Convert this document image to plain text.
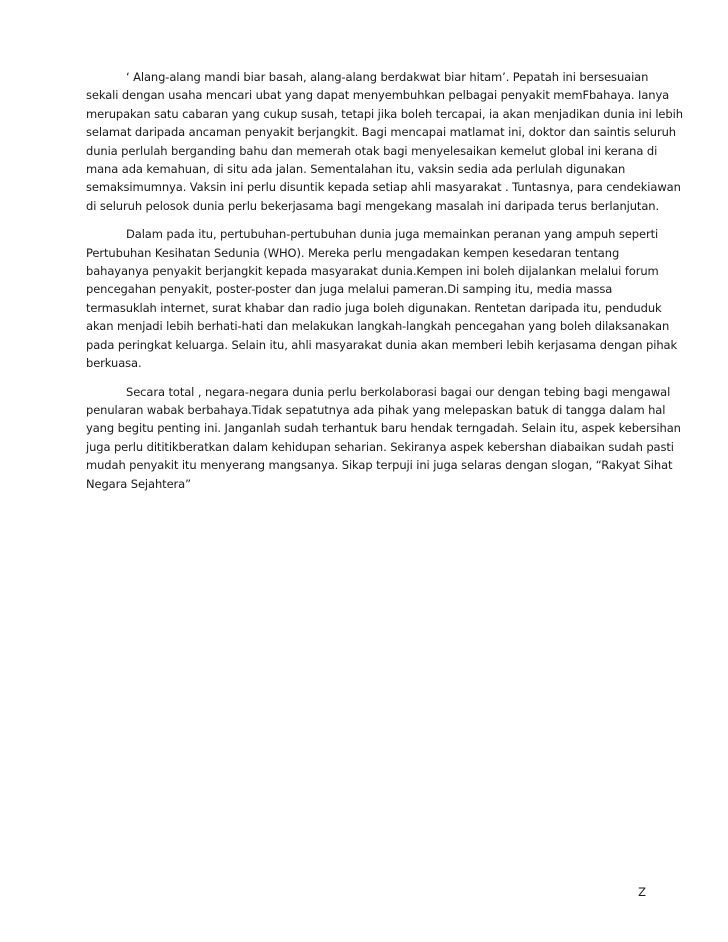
‘ Alang-alang mandi biar basah, alang-alang berdakwat biar hitam’. Pepatah ini bersesuaian
sekali dengan usaha mencari ubat yang dapat menyembuhkan pelbagai penyakit memFbahaya. Ianya
merupakan satu cabaran yang cukup susah, tetapi jika boleh tercapai, ia akan menjadikan dunia ini lebih
selamat daripada ancaman penyakit berjangkit. Bagi mencapai matlamat ini, doktor dan saintis seluruh
dunia perlulah berganding bahu dan memerah otak bagi menyelesaikan kemelut global ini kerana di
mana ada kemahuan, di situ ada jalan. Sementalahan itu, vaksin sedia ada perlulah digunakan
semaksimumnya. Vaksin ini perlu disuntik kepada setiap ahli masyarakat . Tuntasnya, para cendekiawan
di seluruh pelosok dunia perlu bekerjasama bagi mengekang masalah ini daripada terus berlanjutan.

Dalam pada itu, pertubuhan-pertubuhan dunia juga memainkan peranan yang ampuh seperti
Pertubuhan Kesihatan Sedunia (WHO). Mereka perlu mengadakan kempen kesedaran tentang
bahayanya penyakit berjangkit kepada masyarakat dunia.Kempen ini boleh dijalankan melalui forum
pencegahan penyakit, poster-poster dan juga melalui pameran.Di samping itu, media massa
termasuklah internet, surat khabar dan radio juga boleh digunakan. Rentetan daripada itu, penduduk
akan menjadi lebih berhati-hati dan melakukan langkah-langkah pencegahan yang boleh dilaksanakan
pada peringkat keluarga. Selain itu, ahli masyarakat dunia akan memberi lebih kerjasama dengan pihak
berkuasa.

Secara total , negara-negara dunia perlu berkolaborasi bagai our dengan tebing bagi mengawal
penularan wabak berbahaya.Tidak sepatutnya ada pihak yang melepaskan batuk di tangga dalam hal
yang begitu penting ini. Janganlah sudah terhantuk baru hendak terngadah. Selain itu, aspek kebersihan
juga perlu dititikberatkan dalam kehidupan seharian. Sekiranya aspek kebershan diabaikan sudah pasti
mudah penyakit itu menyerang mangsanya. Sikap terpuji ini juga selaras dengan slogan, “Rakyat Sihat
Negara Sejahtera”

Z
